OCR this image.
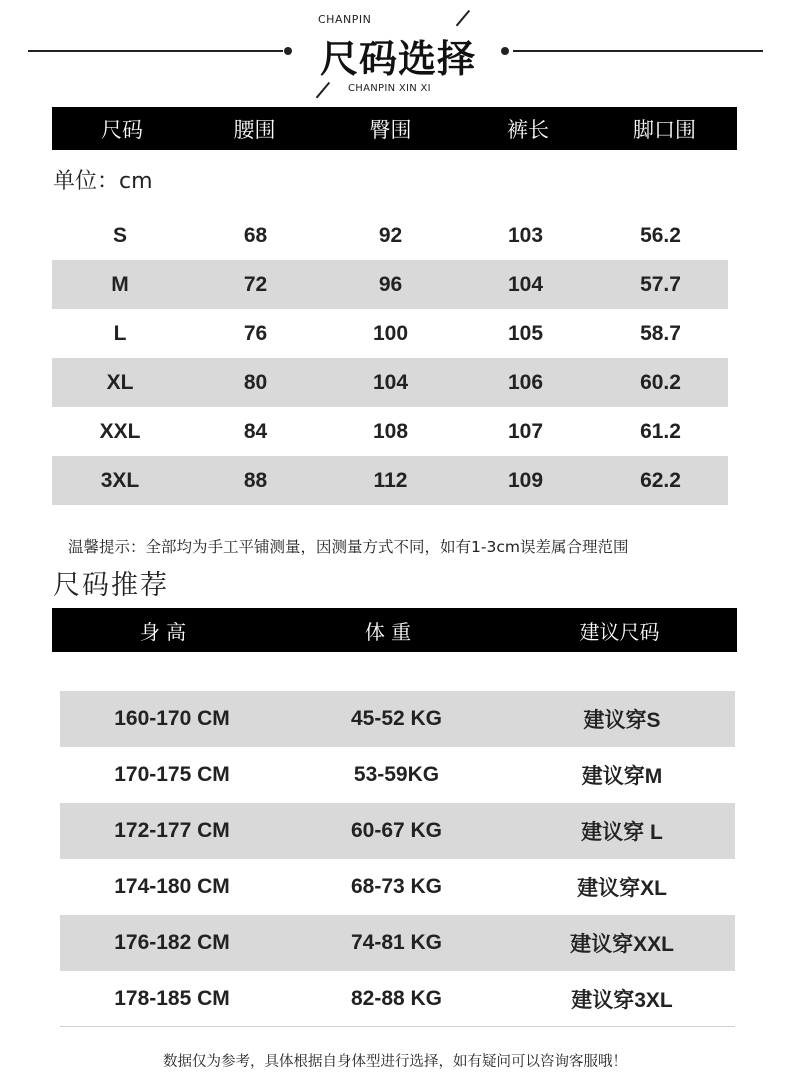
CHANPIN
尺码选择
CHANPIN XIN XI
尺码	腰围	臀围	裤长	脚口围
单位：cm
S	68	92	103	56.2
M	72	96	104	57.7
L	76	100	105	58.7
XL	80	104	106	60.2
XXL	84	108	107	61.2
3XL	88	112	109	62.2
温馨提示：全部均为手工平铺测量，因测量方式不同，如有1-3cm误差属合理范围
尺码推荐
身 高	体 重	建议尺码
160-170 CM	45-52 KG	建议穿S
170-175 CM	53-59KG	建议穿M
172-177 CM	60-67 KG	建议穿 L
174-180 CM	68-73 KG	建议穿XL
176-182 CM	74-81 KG	建议穿XXL
178-185 CM	82-88 KG	建议穿3XL
数据仅为参考，具体根据自身体型进行选择，如有疑问可以咨询客服哦！
